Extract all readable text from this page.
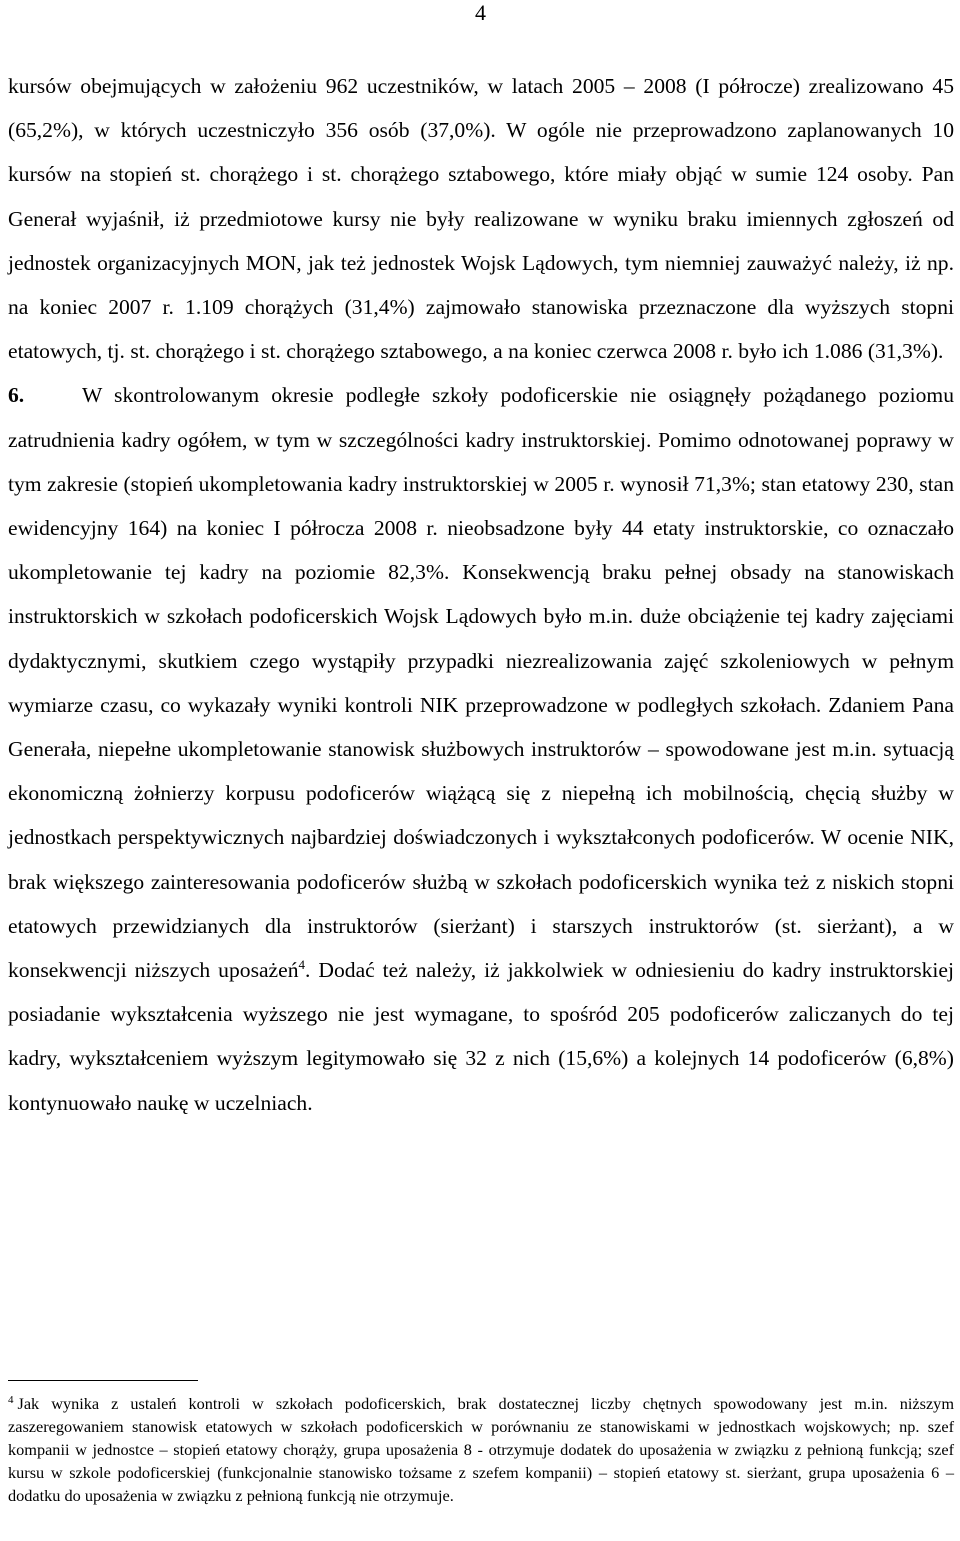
4

kursów obejmujących w założeniu 962 uczestników, w latach 2005 – 2008 (I półrocze) zrealizowano 45 (65,2%), w których uczestniczyło 356 osób (37,0%). W ogóle nie przeprowadzono zaplanowanych 10 kursów na stopień st. chorążego i st. chorążego sztabowego, które miały objąć w sumie 124 osoby. Pan Generał wyjaśnił, iż przedmiotowe kursy nie były realizowane w wyniku braku imiennych zgłoszeń od jednostek organizacyjnych MON, jak też jednostek Wojsk Lądowych, tym niemniej zauważyć należy, iż np. na koniec 2007 r. 1.109 chorążych (31,4%) zajmowało stanowiska przeznaczone dla wyższych stopni etatowych, tj. st. chorążego i st. chorążego sztabowego, a na koniec czerwca 2008 r. było ich 1.086 (31,3%).

6.	W skontrolowanym okresie podległe szkoły podoficerskie nie osiągnęły pożądanego poziomu zatrudnienia kadry ogółem, w tym w szczególności kadry instruktorskiej. Pomimo odnotowanej poprawy w tym zakresie (stopień ukompletowania kadry instruktorskiej w 2005 r. wynosił 71,3%; stan etatowy 230, stan ewidencyjny 164) na koniec I półrocza 2008 r. nieobsadzone były 44 etaty instruktorskie, co oznaczało ukompletowanie tej kadry na poziomie 82,3%. Konsekwencją braku pełnej obsady na stanowiskach instruktorskich w szkołach podoficerskich Wojsk Lądowych było m.in. duże obciążenie tej kadry zajęciami dydaktycznymi, skutkiem czego wystąpiły przypadki niezrealizowania zajęć szkoleniowych w pełnym wymiarze czasu, co wykazały wyniki kontroli NIK przeprowadzone w podległych szkołach. Zdaniem Pana Generała, niepełne ukompletowanie stanowisk służbowych instruktorów – spowodowane jest m.in. sytuacją ekonomiczną żołnierzy korpusu podoficerów wiążącą się z niepełną ich mobilnością, chęcią służby w jednostkach perspektywicznych najbardziej doświadczonych i wykształconych podoficerów. W ocenie NIK, brak większego zainteresowania podoficerów służbą w szkołach podoficerskich wynika też z niskich stopni etatowych przewidzianych dla instruktorów (sierżant) i starszych instruktorów (st. sierżant), a w konsekwencji niższych uposażeń$^4$. Dodać też należy, iż jakkolwiek w odniesieniu do kadry instruktorskiej posiadanie wykształcenia wyższego nie jest wymagane, to spośród 205 podoficerów zaliczanych do tej kadry, wykształceniem wyższym legitymowało się 32 z nich (15,6%) a kolejnych 14 podoficerów (6,8%) kontynuowało naukę w uczelniach.

$^4$ Jak wynika z ustaleń kontroli w szkołach podoficerskich, brak dostatecznej liczby chętnych spowodowany jest m.in. niższym zaszeregowaniem stanowisk etatowych w szkołach podoficerskich w porównaniu ze stanowiskami w jednostkach wojskowych; np. szef kompanii w jednostce – stopień etatowy chorąży, grupa uposażenia 8 - otrzymuje dodatek do uposażenia w związku z pełnioną funkcją; szef kursu w szkole podoficerskiej (funkcjonalnie stanowisko tożsame z szefem kompanii) – stopień etatowy st. sierżant, grupa uposażenia 6 – dodatku do uposażenia w związku z pełnioną funkcją nie otrzymuje.
